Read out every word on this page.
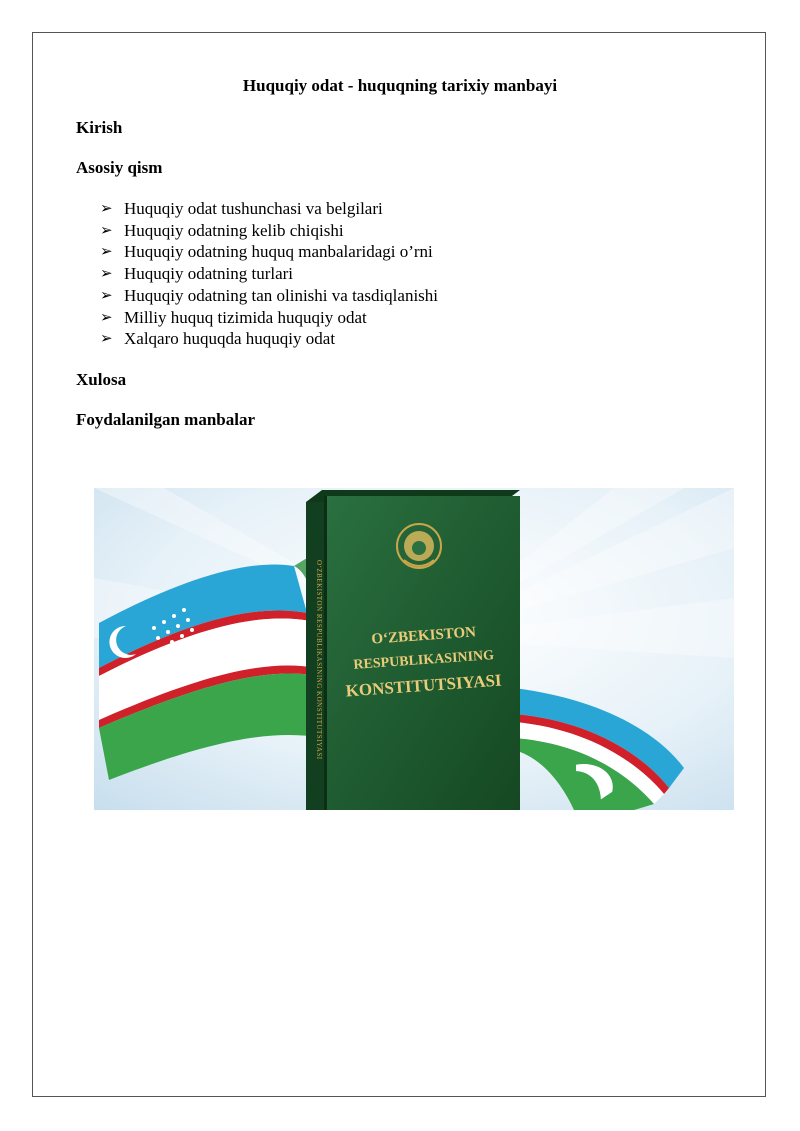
Huquqiy odat - huquqning tarixiy manbayi
Kirish
Asosiy qism
➢ Huquqiy odat tushunchasi va belgilari
➢ Huquqiy odatning kelib chiqishi
➢ Huquqiy odatning huquq manbalaridagi o’rni
➢ Huquqiy odatning turlari
➢ Huquqiy odatning tan olinishi va tasdiqlanishi
➢ Milliy huquq tizimida huquqiy odat
➢ Xalqaro huquqda huquqiy odat
Xulosa
Foydalanilgan manbalar
O‘ZBEKISTON RESPUBLIKASINING KONSTITUTSIYASI	O‘ZBEKISTON
RESPUBLIKASINING
KONSTITUTSIYASI
